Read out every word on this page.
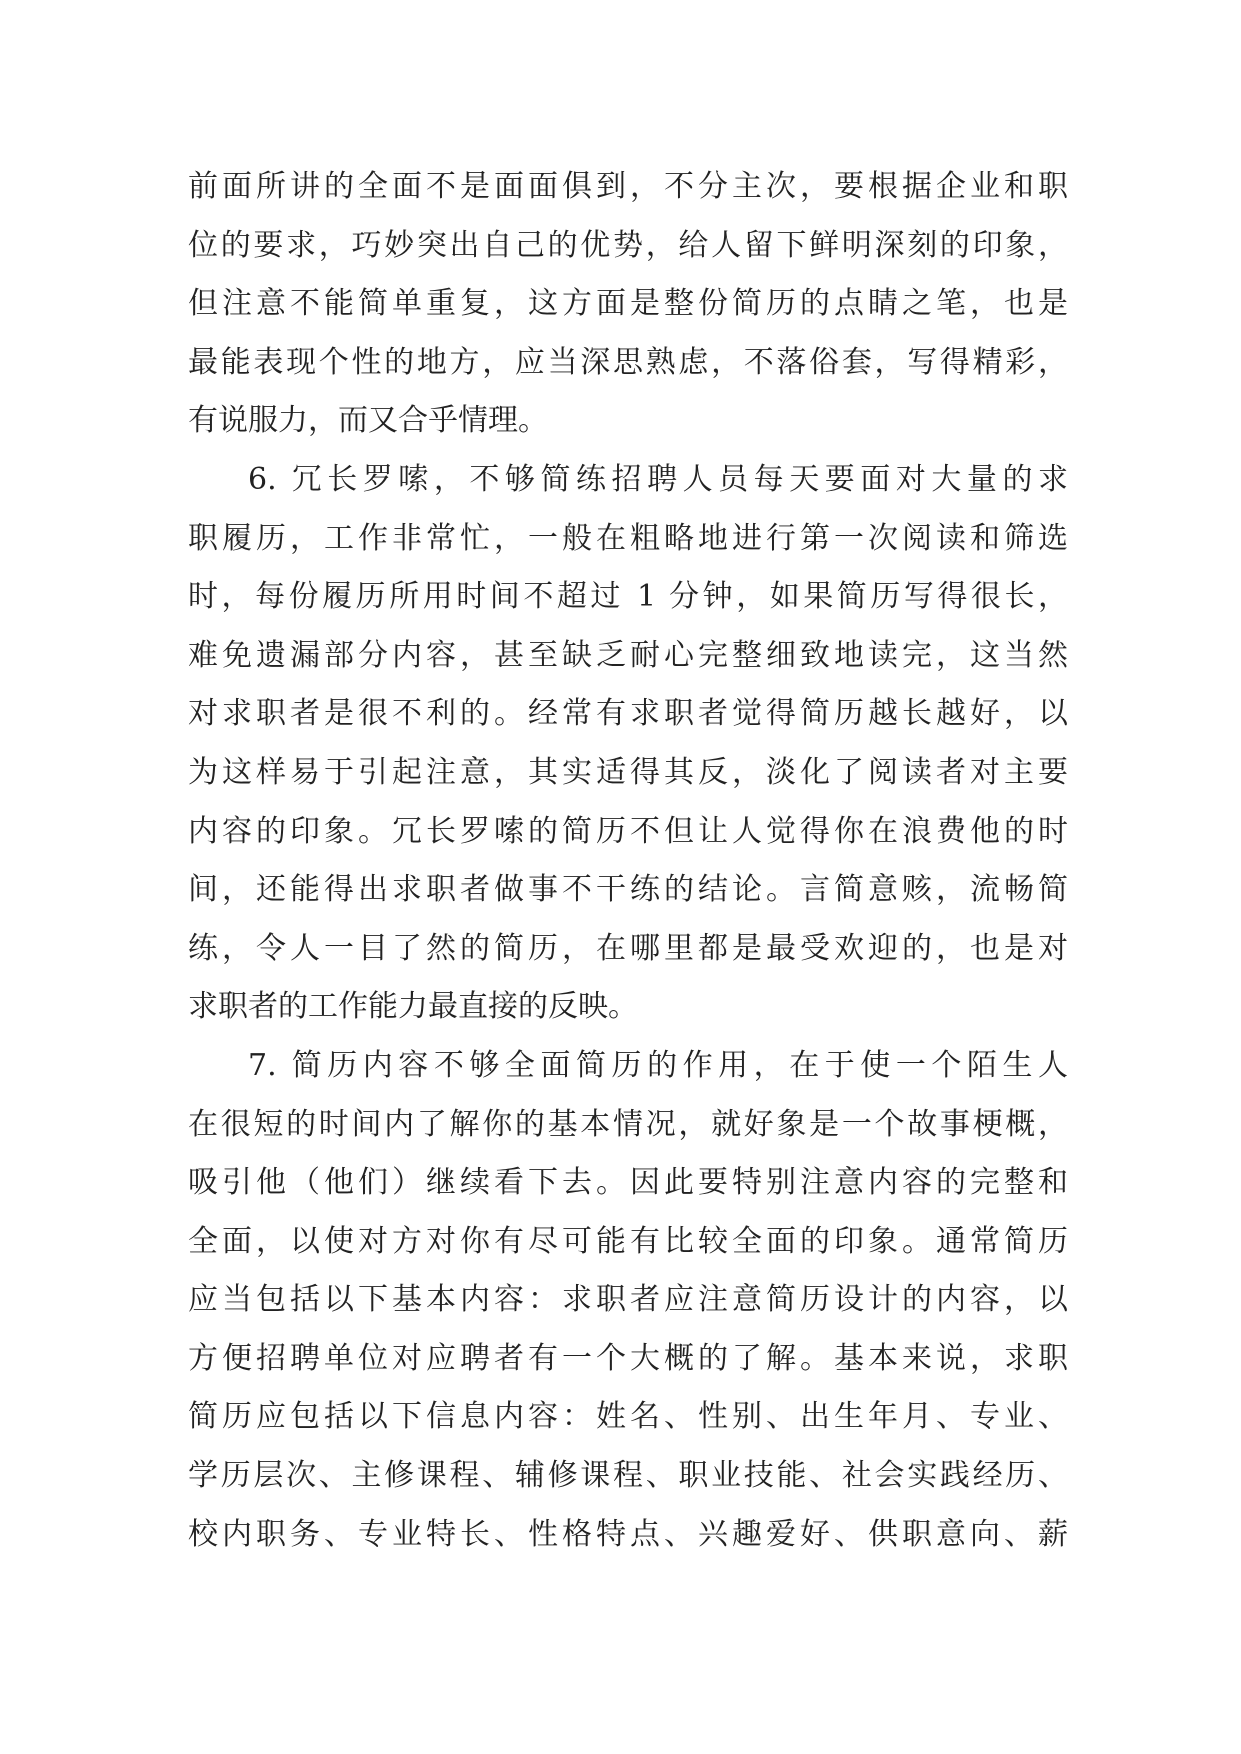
前面所讲的全面不是面面俱到，不分主次，要根据企业和职
位的要求，巧妙突出自己的优势，给人留下鲜明深刻的印象，
但注意不能简单重复，这方面是整份简历的点睛之笔，也是
最能表现个性的地方，应当深思熟虑，不落俗套，写得精彩，
有说服力，而又合乎情理。
6. 冗长罗嗦，不够简练招聘人员每天要面对大量的求
职履历，工作非常忙，一般在粗略地进行第一次阅读和筛选
时，每份履历所用时间不超过 1 分钟，如果简历写得很长，
难免遗漏部分内容，甚至缺乏耐心完整细致地读完，这当然
对求职者是很不利的。经常有求职者觉得简历越长越好，以
为这样易于引起注意，其实适得其反，淡化了阅读者对主要
内容的印象。冗长罗嗦的简历不但让人觉得你在浪费他的时
间，还能得出求职者做事不干练的结论。言简意赅，流畅简
练，令人一目了然的简历，在哪里都是最受欢迎的，也是对
求职者的工作能力最直接的反映。
7. 简历内容不够全面简历的作用，在于使一个陌生人
在很短的时间内了解你的基本情况，就好象是一个故事梗概，
吸引他（他们）继续看下去。因此要特别注意内容的完整和
全面，以使对方对你有尽可能有比较全面的印象。通常简历
应当包括以下基本内容：求职者应注意简历设计的内容，以
方便招聘单位对应聘者有一个大概的了解。基本来说，求职
简历应包括以下信息内容：姓名、性别、出生年月、专业、
学历层次、主修课程、辅修课程、职业技能、社会实践经历、
校内职务、专业特长、性格特点、兴趣爱好、供职意向、薪
